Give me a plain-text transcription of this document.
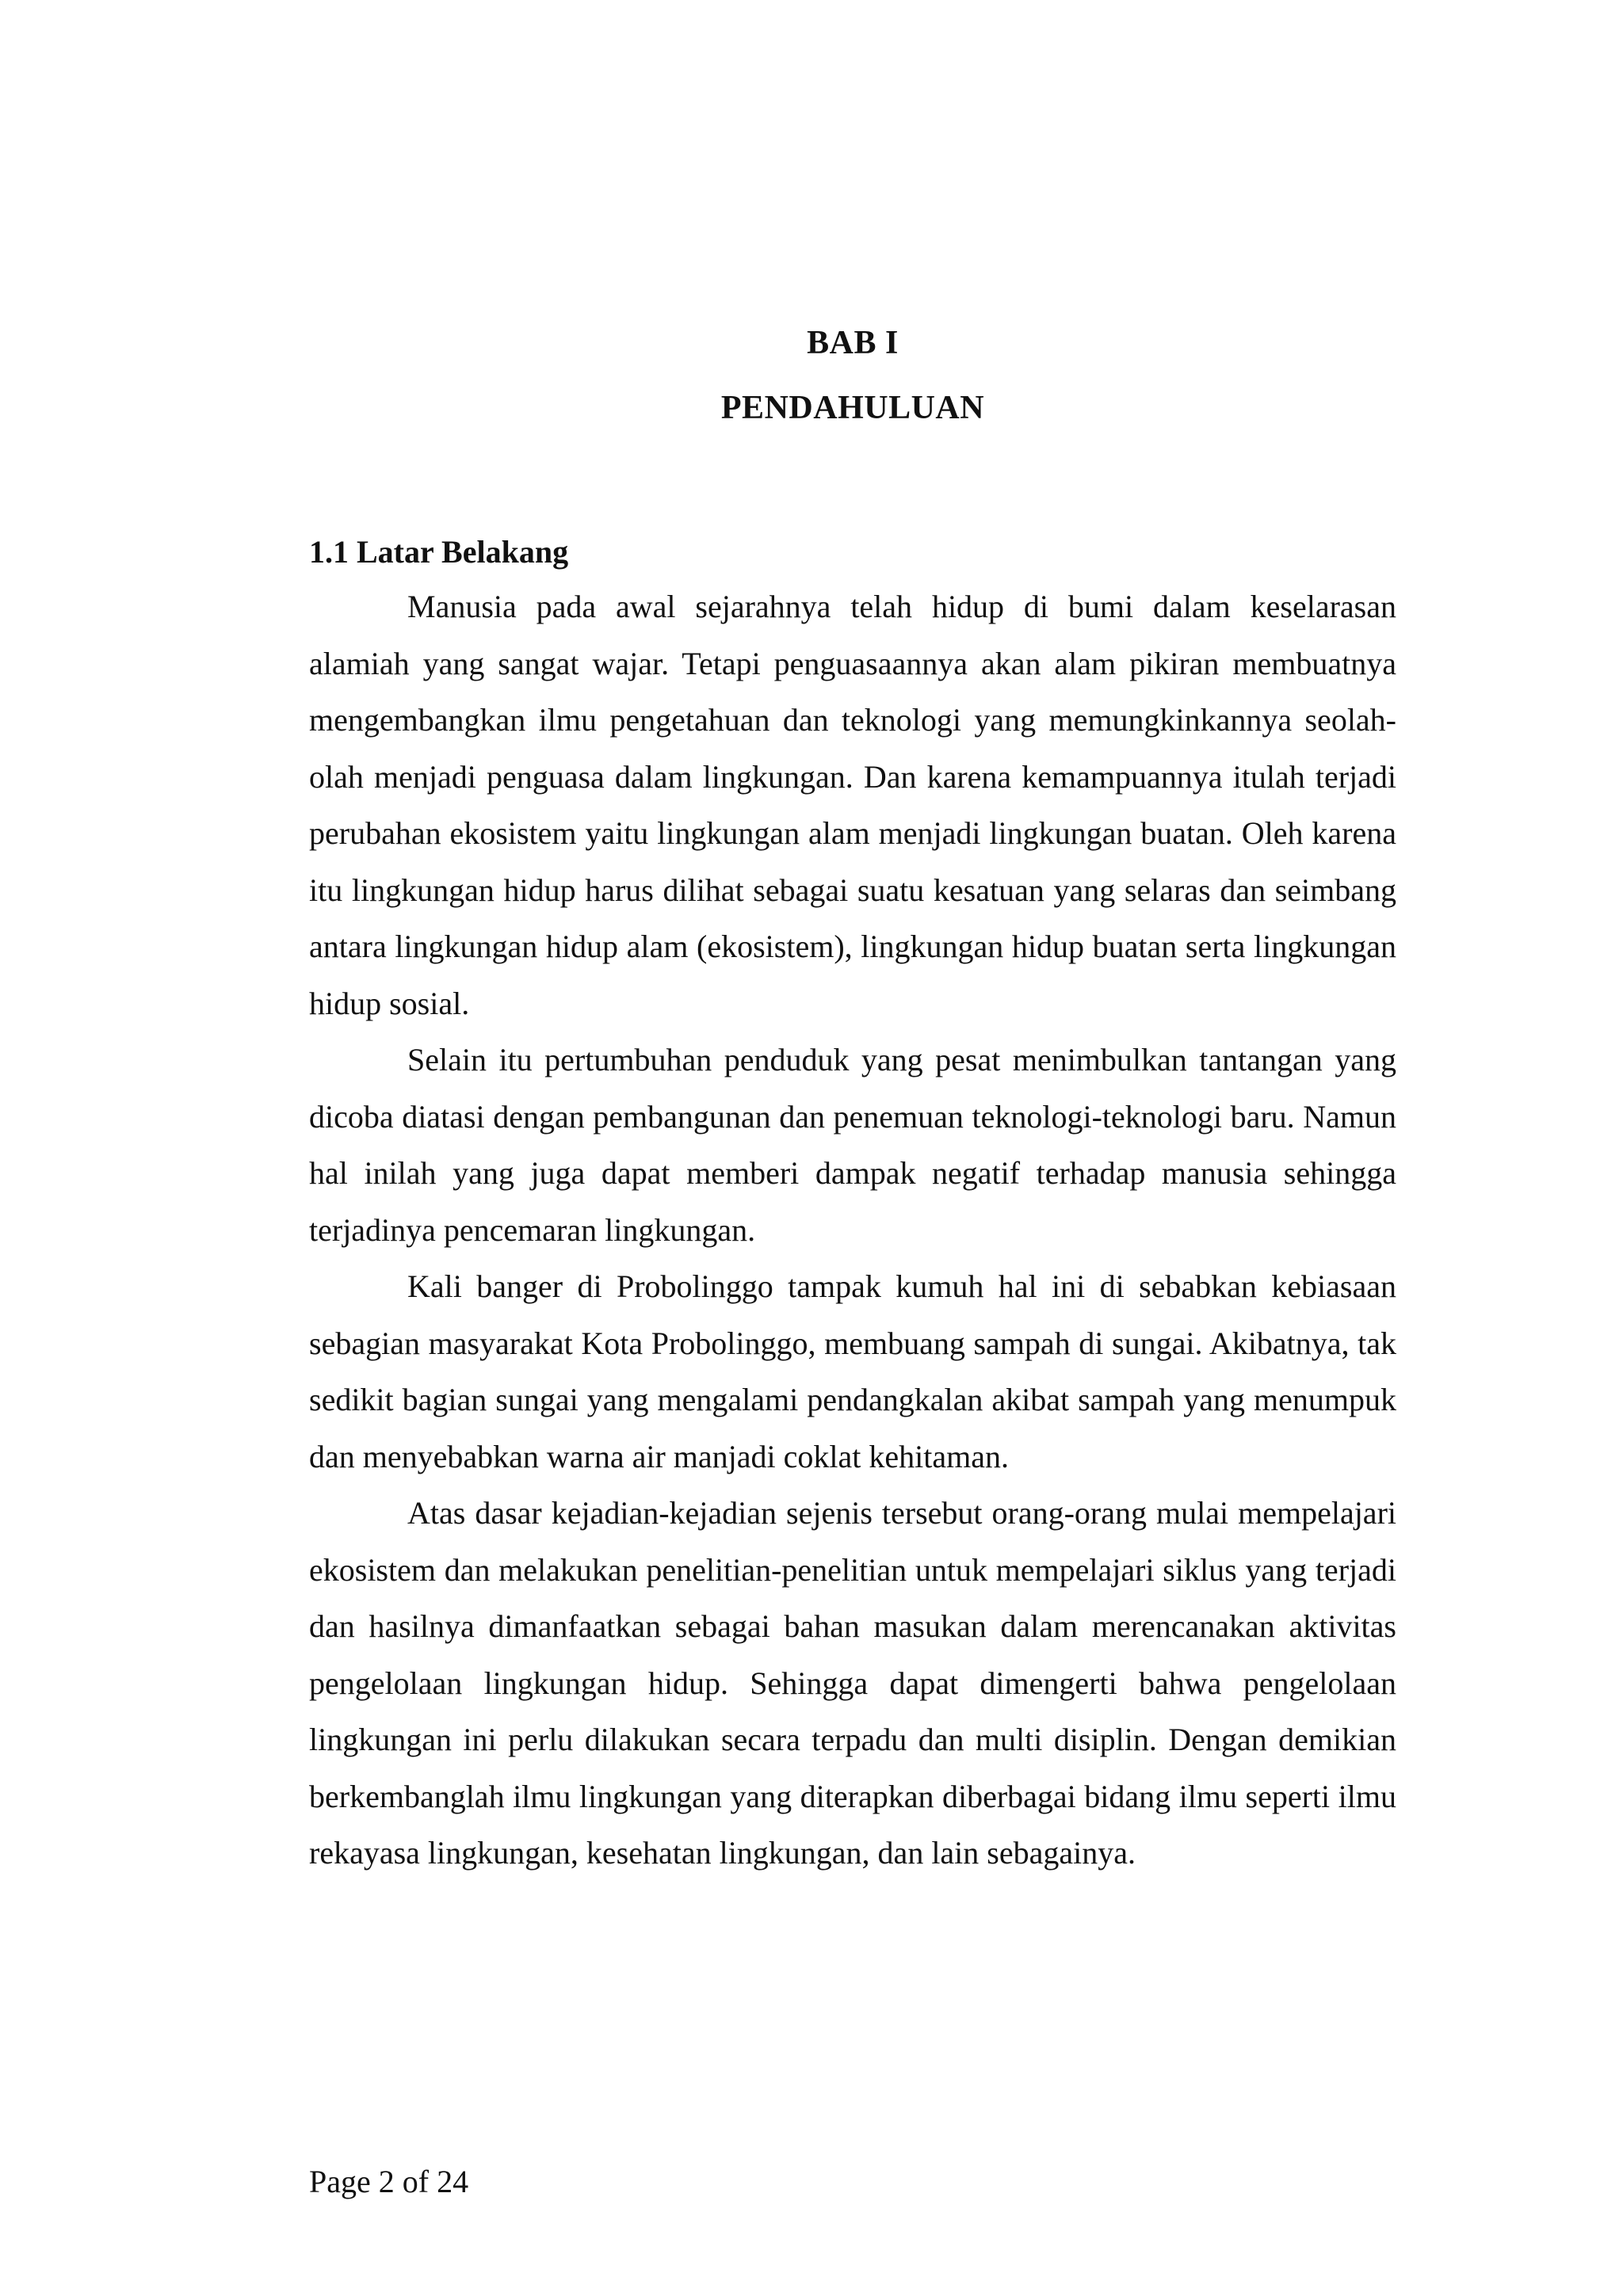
BAB I
PENDAHULUAN
1.1 Latar Belakang

Manusia pada awal sejarahnya telah hidup di bumi dalam keselarasan alamiah yang sangat wajar. Tetapi penguasaannya akan alam pikiran membuatnya mengembangkan ilmu pengetahuan dan teknologi yang memungkinkannya seolah-olah menjadi penguasa dalam lingkungan. Dan karena kemampuannya itulah terjadi perubahan ekosistem yaitu lingkungan alam menjadi lingkungan buatan. Oleh karena itu lingkungan hidup harus dilihat sebagai suatu kesatuan yang selaras dan seimbang antara lingkungan hidup alam (ekosistem), lingkungan hidup buatan serta lingkungan hidup sosial.

Selain itu pertumbuhan penduduk yang pesat menimbulkan tantangan yang dicoba diatasi dengan pembangunan dan penemuan teknologi-teknologi baru. Namun hal inilah yang juga dapat memberi dampak negatif terhadap manusia sehingga terjadinya pencemaran lingkungan.

Kali banger di Probolinggo tampak kumuh hal ini di sebabkan kebiasaan sebagian masyarakat Kota Probolinggo, membuang sampah di sungai. Akibatnya, tak sedikit bagian sungai yang mengalami pendangkalan akibat sampah yang menumpuk dan menyebabkan warna air manjadi coklat kehitaman.

Atas dasar kejadian-kejadian sejenis tersebut orang-orang mulai mempelajari ekosistem dan melakukan penelitian-penelitian untuk mempelajari siklus yang terjadi dan hasilnya dimanfaatkan sebagai bahan masukan dalam merencanakan aktivitas pengelolaan lingkungan hidup. Sehingga dapat dimengerti bahwa pengelolaan lingkungan ini perlu dilakukan secara terpadu dan multi disiplin. Dengan demikian berkembanglah ilmu lingkungan yang diterapkan diberbagai bidang ilmu seperti ilmu rekayasa lingkungan, kesehatan lingkungan, dan lain sebagainya.

Page 2 of 24
